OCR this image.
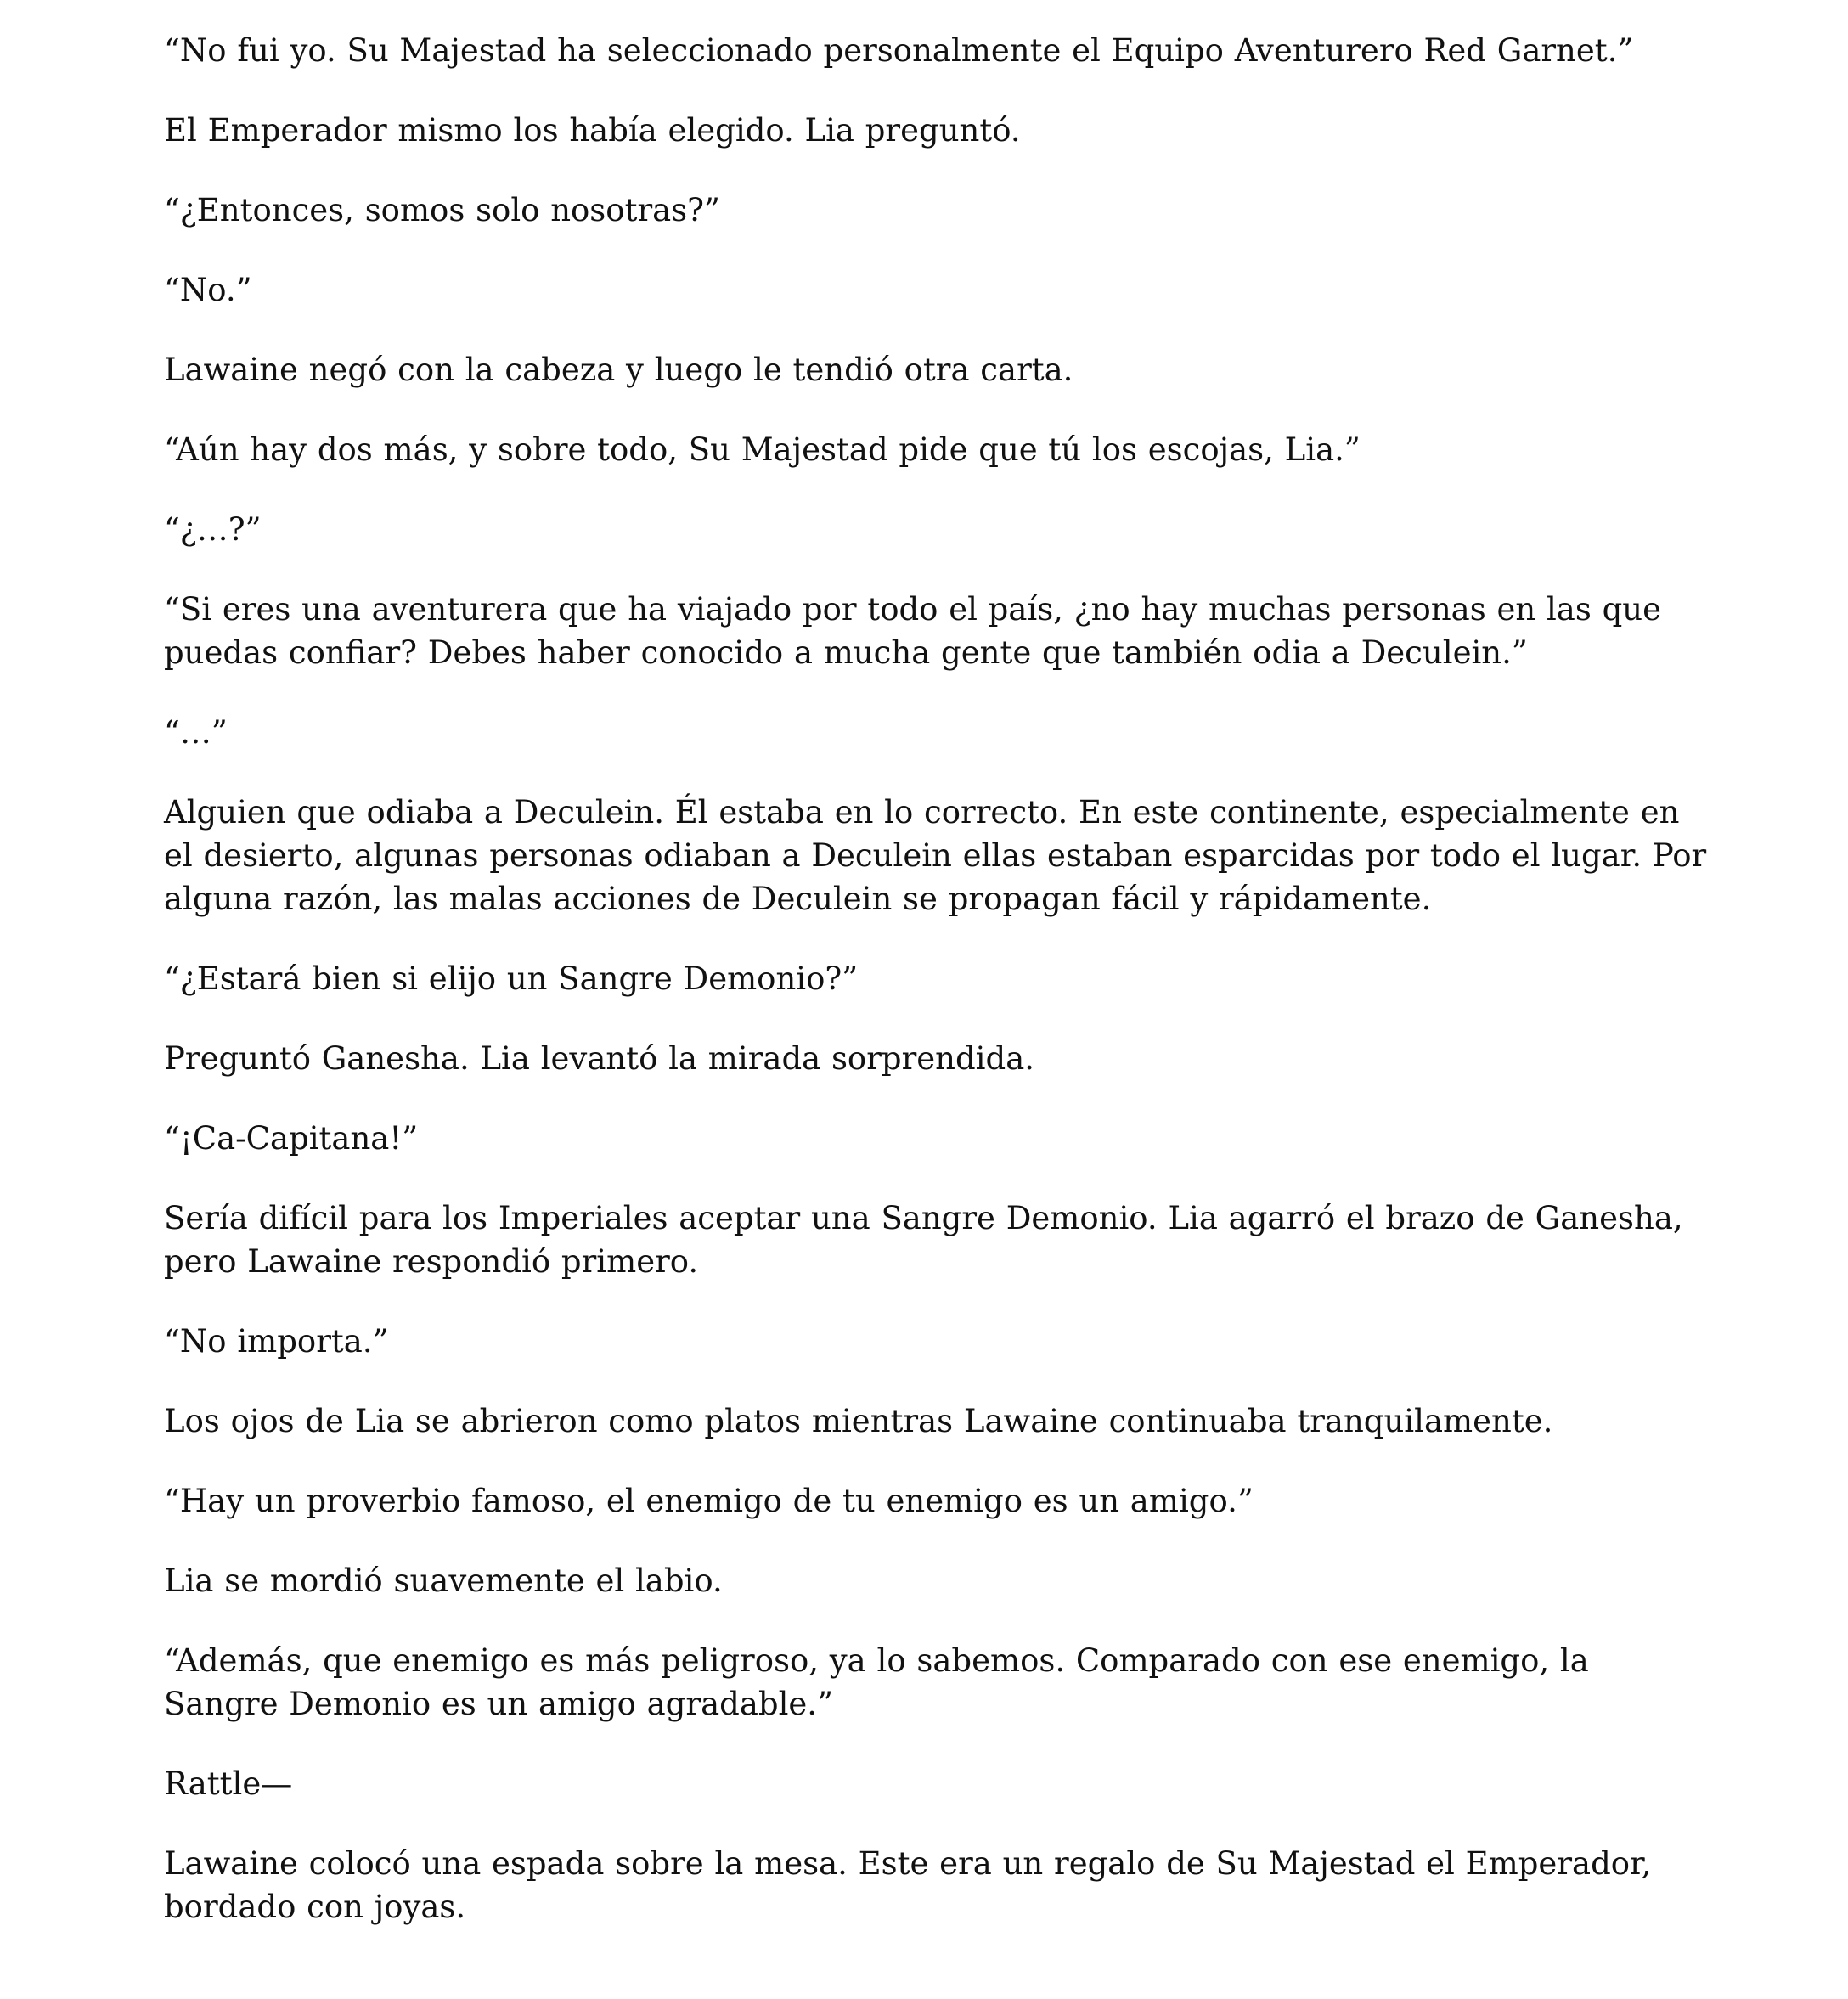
“No fui yo. Su Majestad ha seleccionado personalmente el Equipo Aventurero Red Garnet.”

El Emperador mismo los había elegido. Lia preguntó.

“¿Entonces, somos solo nosotras?”

“No.”

Lawaine negó con la cabeza y luego le tendió otra carta.

“Aún hay dos más, y sobre todo, Su Majestad pide que tú los escojas, Lia.”

“¿…?”

“Si eres una aventurera que ha viajado por todo el país, ¿no hay muchas personas en las que puedas confiar? Debes haber conocido a mucha gente que también odia a Deculein.”

“…”

Alguien que odiaba a Deculein. Él estaba en lo correcto. En este continente, especialmente en el desierto, algunas personas odiaban a Deculein ellas estaban esparcidas por todo el lugar. Por alguna razón, las malas acciones de Deculein se propagan fácil y rápidamente.

“¿Estará bien si elijo un Sangre Demonio?”

Preguntó Ganesha. Lia levantó la mirada sorprendida.

“¡Ca-Capitana!”

Sería difícil para los Imperiales aceptar una Sangre Demonio. Lia agarró el brazo de Ganesha, pero Lawaine respondió primero.

“No importa.”

Los ojos de Lia se abrieron como platos mientras Lawaine continuaba tranquilamente.

“Hay un proverbio famoso, el enemigo de tu enemigo es un amigo.”

Lia se mordió suavemente el labio.

“Además, que enemigo es más peligroso, ya lo sabemos. Comparado con ese enemigo, la Sangre Demonio es un amigo agradable.”

Rattle—

Lawaine colocó una espada sobre la mesa. Este era un regalo de Su Majestad el Emperador, bordado con joyas.
